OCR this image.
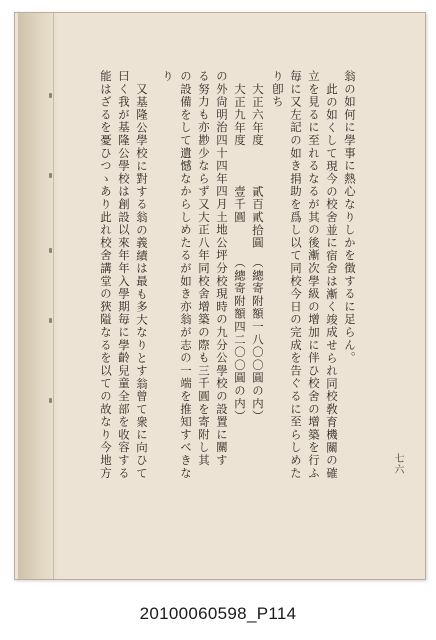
翁の如何に學事に熱心なりしかを徴するに足らん。
此の如くして現今の校舍並に宿舍は漸く竣成せられ同校敎育機關の確
立を見るに至れるなるが其の後漸次學級の增加に伴ひ校舍の增築を行ふ
毎に又左記の如き捐助を爲し以て同校今日の完成を告ぐるに至らしめた
り卽ち
大正六年度　　　貳百貳拾圓　（總寄附額一八〇〇圓の内）
大正九年度　　　壹千圓　　　（總寄附額四二〇〇圓の内）
の外尙明治四十四年四月土地公坪分校現時の九分公學校の設置に關す
る努力も亦尠少ならず又大正八年同校舍增築の際も三千圓を寄附し其
の設備をして遺憾なからしめたるが如き亦翁が志の一端を推知すべきな
り
又基隆公學校に對する翁の義績は最も多大なりとす翁曾て衆に向ひて
曰く我が基隆公學校は創設以來年年入學期毎に學齡兒童全部を收容する
能はざるを憂ひつゝあり此れ校舍講堂の狹隘なるを以ての故なり今地方	七六
20100060598_P114
